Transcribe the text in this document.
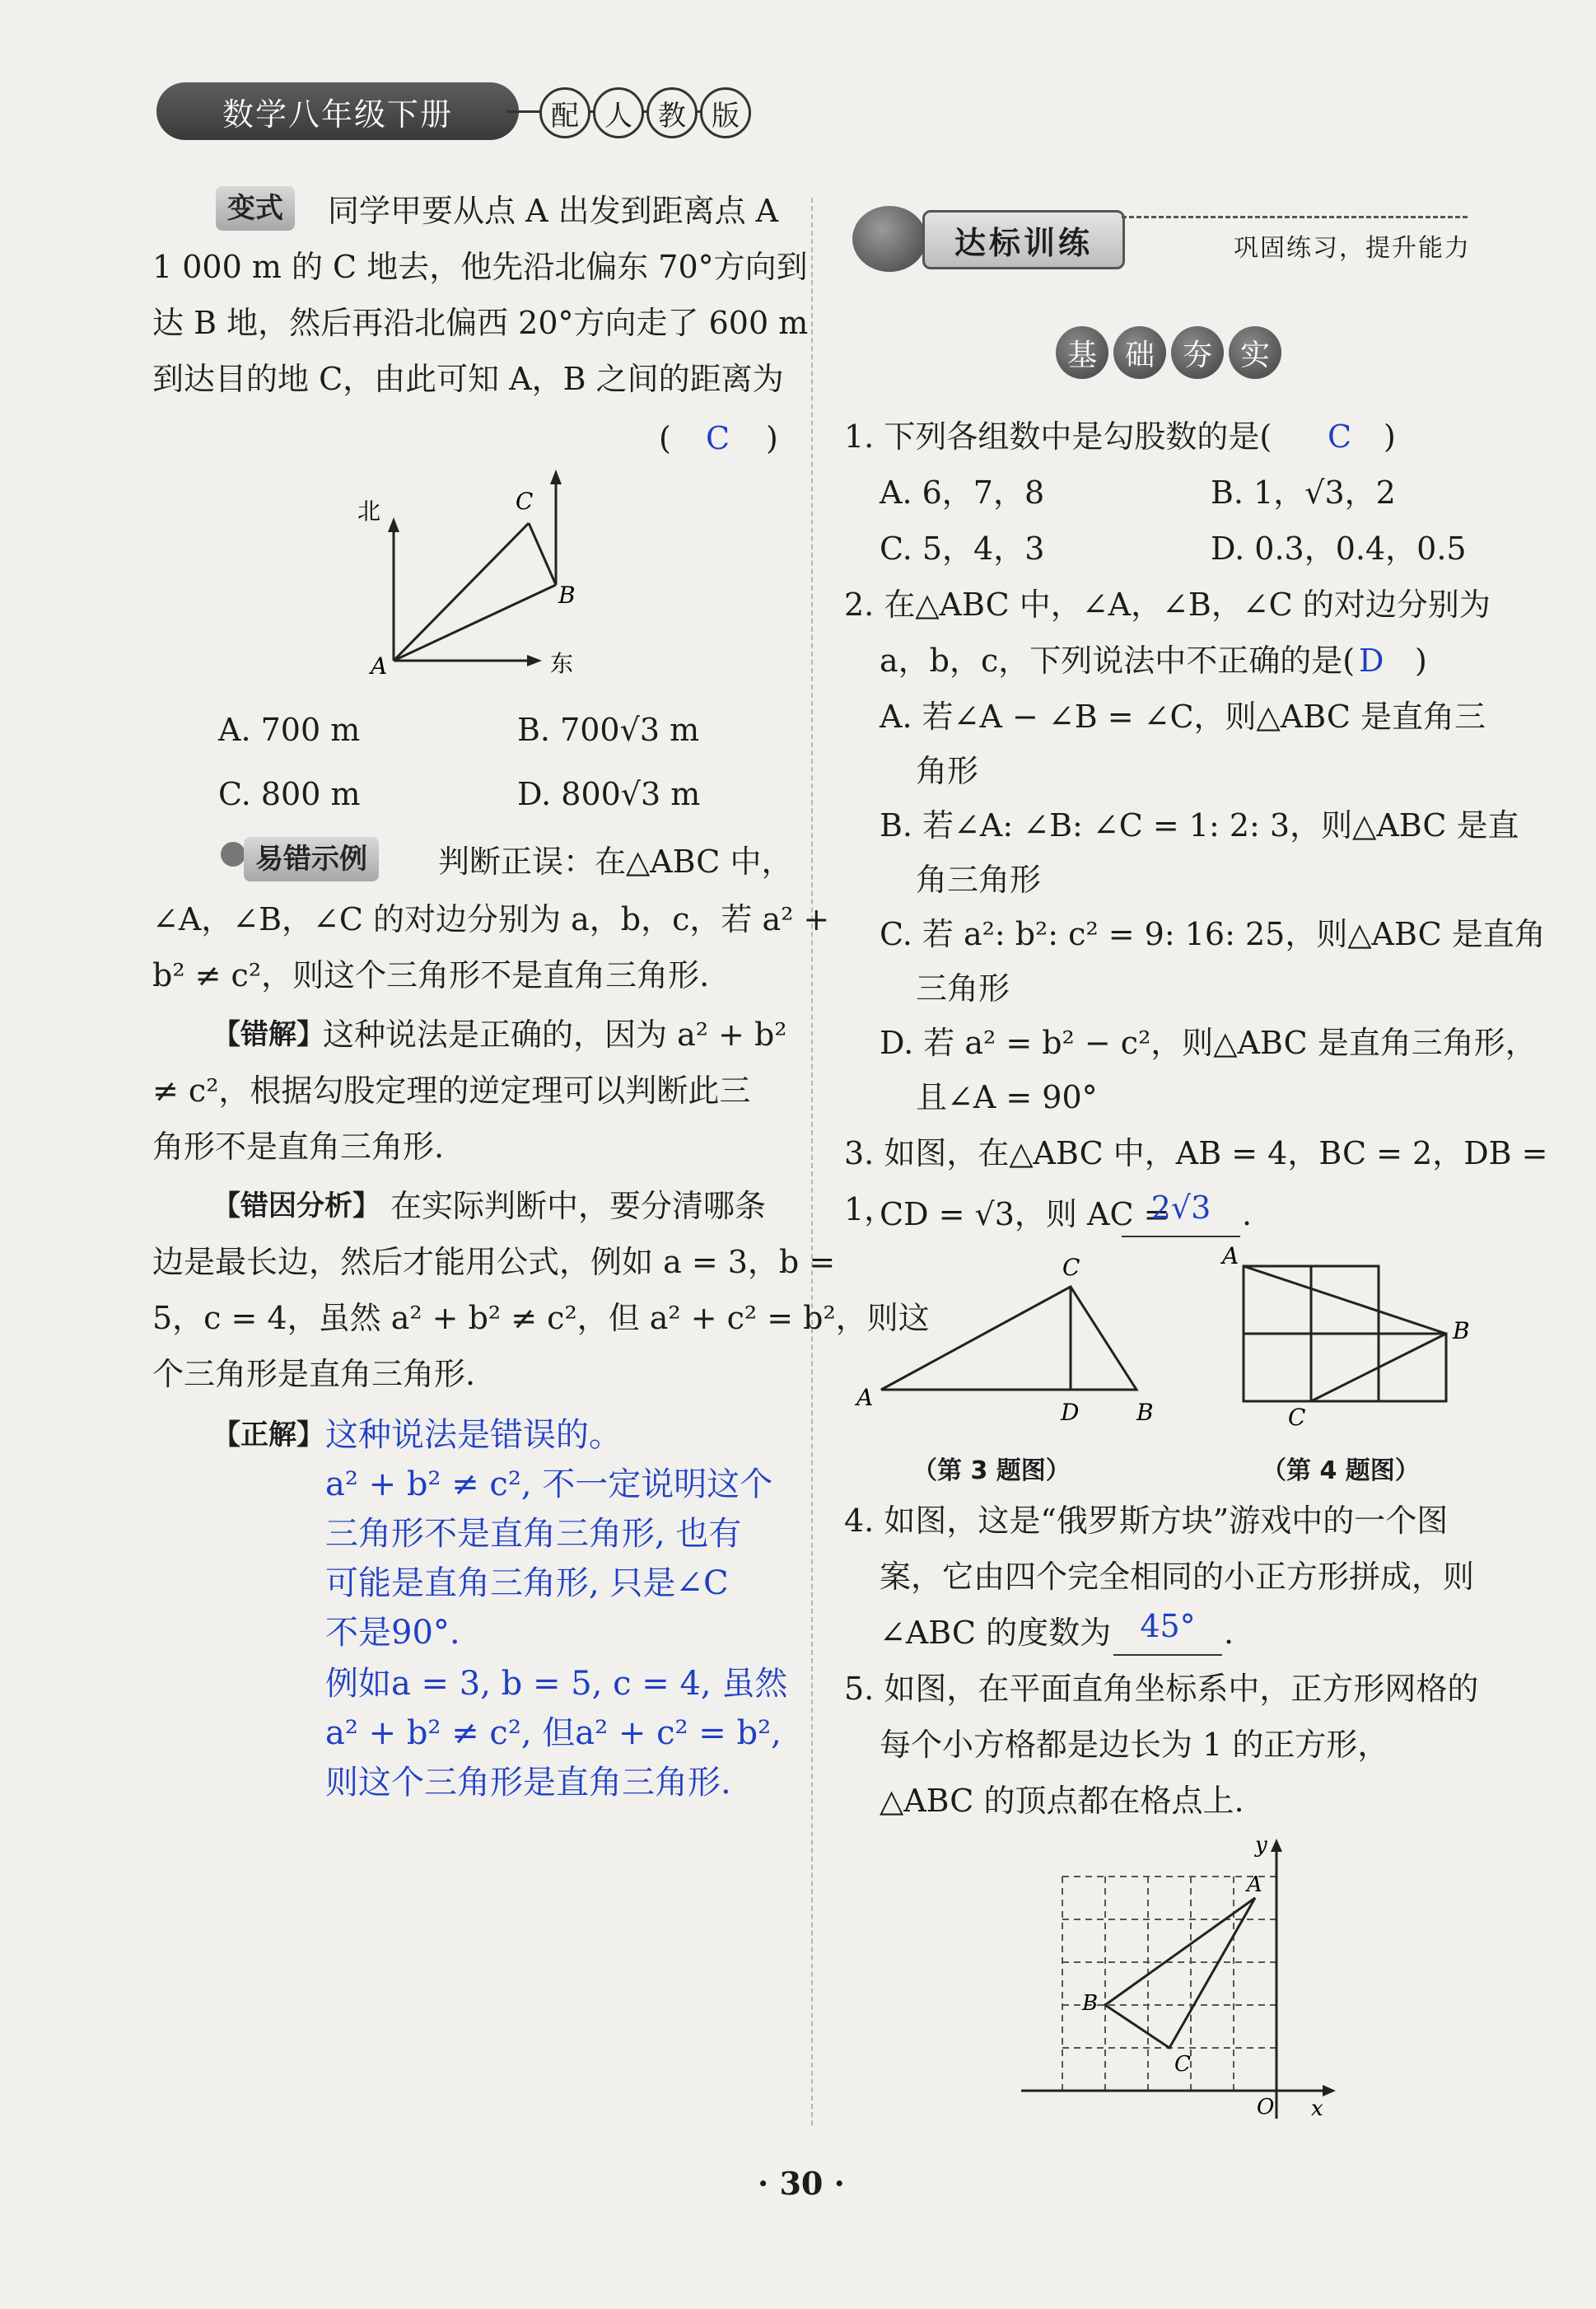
数学八年级下册	配 人 教 版
变式	同学甲要从点 A 出发到距离点 A
1 000 m 的 C 地去，他先沿北偏东 70°方向到
达 B 地，然后再沿北偏西 20°方向走了 600 m
到达目的地 C，由此可知 A，B 之间的距离为
( C )
北
东
A
B
C
A. 700 m	B. 700√3 m
C. 800 m	D. 800√3 m
易错示例	判断正误：在△ABC 中，
∠A，∠B，∠C 的对边分别为 a，b，c，若 a² +
b² ≠ c²，则这个三角形不是直角三角形.
【错解】
这种说法是正确的，因为 a² + b²
≠ c²，根据勾股定理的逆定理可以判断此三
角形不是直角三角形.
【错因分析】 在实际判断中，要分清哪条
边是最长边，然后才能用公式，例如 a = 3，b =
5，c = 4，虽然 a² + b² ≠ c²，但 a² + c² = b²，则这
个三角形是直角三角形.
【正解】 这种说法是错误的。
a² + b² ≠ c², 不一定说明这个
三角形不是直角三角形, 也有
可能是直角三角形, 只是∠C
不是90°.
例如a = 3, b = 5, c = 4, 虽然
a² + b² ≠ c², 但a² + c² = b²,
则这个三角形是直角三角形.
达标训练	巩固练习，提升能力
基 础 夯 实
1. 下列各组数中是勾股数的是( C )
A. 6，7，8	B. 1，√3，2
C. 5，4，3	D. 0.3，0.4，0.5
2. 在△ABC 中，∠A，∠B，∠C 的对边分别为
a，b，c，下列说法中不正确的是( D )
A. 若∠A − ∠B = ∠C，则△ABC 是直角三
角形
B. 若∠A: ∠B: ∠C = 1: 2: 3，则△ABC 是直
角三角形
C. 若 a²: b²: c² = 9: 16: 25，则△ABC 是直角
三角形
D. 若 a² = b² − c²，则△ABC 是直角三角形，
且∠A = 90°
3. 如图，在△ABC 中，AB = 4，BC = 2，DB = 1，
CD = √3，则 AC =
2√3 .
A
C
D B
（第 3 题图）
A
B
C
（第 4 题图）
4. 如图，这是“俄罗斯方块”游戏中的一个图
案，它由四个完全相同的小正方形拼成，则
∠ABC 的度数为 45° .
5. 如图，在平面直角坐标系中，正方形网格的
每个小方格都是边长为 1 的正方形，
△ABC 的顶点都在格点上.
A
B
C
O x
y
· 30 ·
